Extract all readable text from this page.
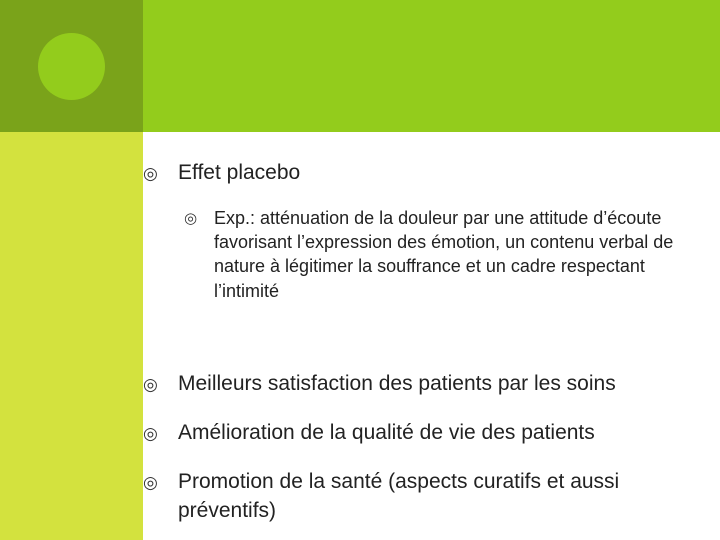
◎ Effet placebo
◎ Exp.: atténuation de la douleur par une attitude d’écoute favorisant l’expression des émotion, un contenu verbal de nature à légitimer la souffrance et un cadre respectant l’intimité
◎ Meilleurs satisfaction des patients par les soins
◎ Amélioration de la qualité de vie des patients
◎ Promotion de la santé (aspects curatifs et aussi préventifs)
